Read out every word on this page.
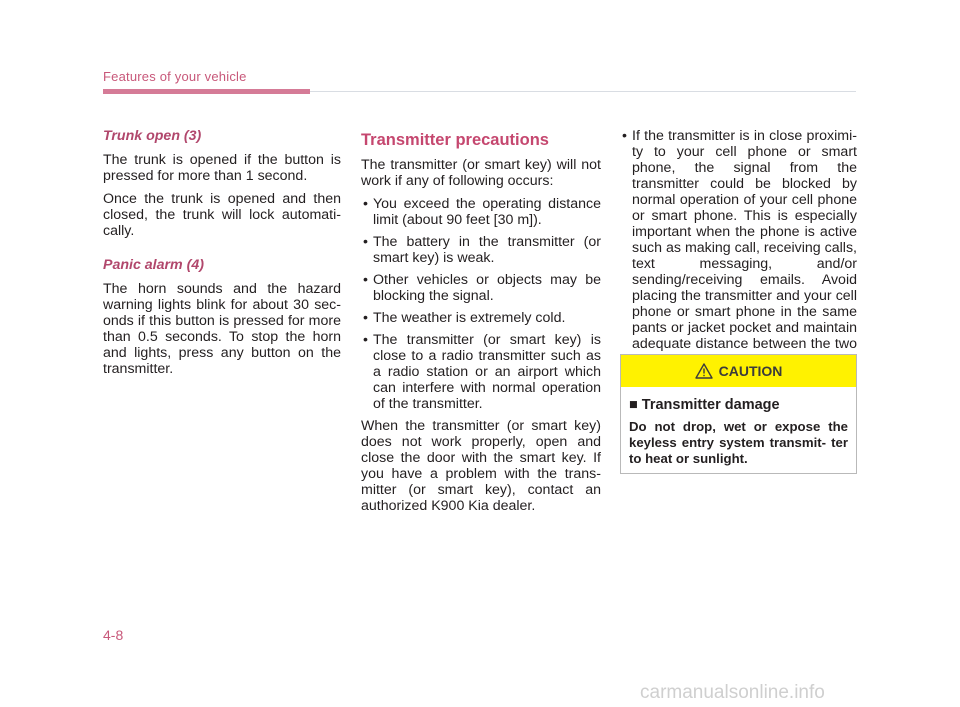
Features of your vehicle
Trunk open (3)

The trunk is opened if the button is pressed for more than 1 second.

Once the trunk is opened and then closed, the trunk will lock automati- cally.

Panic alarm (4)

The horn sounds and the hazard warning lights blink for about 30 sec- onds if this button is pressed for more than 0.5 seconds. To stop the horn and lights, press any button on the transmitter.

Transmitter precautions

The transmitter (or smart key) will not work if any of following occurs:

• You exceed the operating distance limit (about 90 feet [30 m]).
• The battery in the transmitter (or smart key) is weak.
• Other vehicles or objects may be blocking the signal.
• The weather is extremely cold.
• The transmitter (or smart key) is close to a radio transmitter such as a radio station or an airport which can interfere with normal operation of the transmitter.

When the transmitter (or smart key) does not work properly, open and close the door with the smart key. If you have a problem with the trans- mitter (or smart key), contact an authorized K900 Kia dealer.

• If the transmitter is in close proximi- ty to your cell phone or smart phone, the signal from the transmitter could be blocked by normal operation of your cell phone or smart phone. This is especially important when the phone is active such as making call, receiving calls, text messaging, and/or sending/receiving emails. Avoid placing the transmitter and your cell phone or smart phone in the same pants or jacket pocket and maintain adequate distance between the two
CAUTION
■ Transmitter damage

Do not drop, wet or expose the keyless entry system transmit- ter to heat or sunlight.

4-8
carmanualsonline.info
